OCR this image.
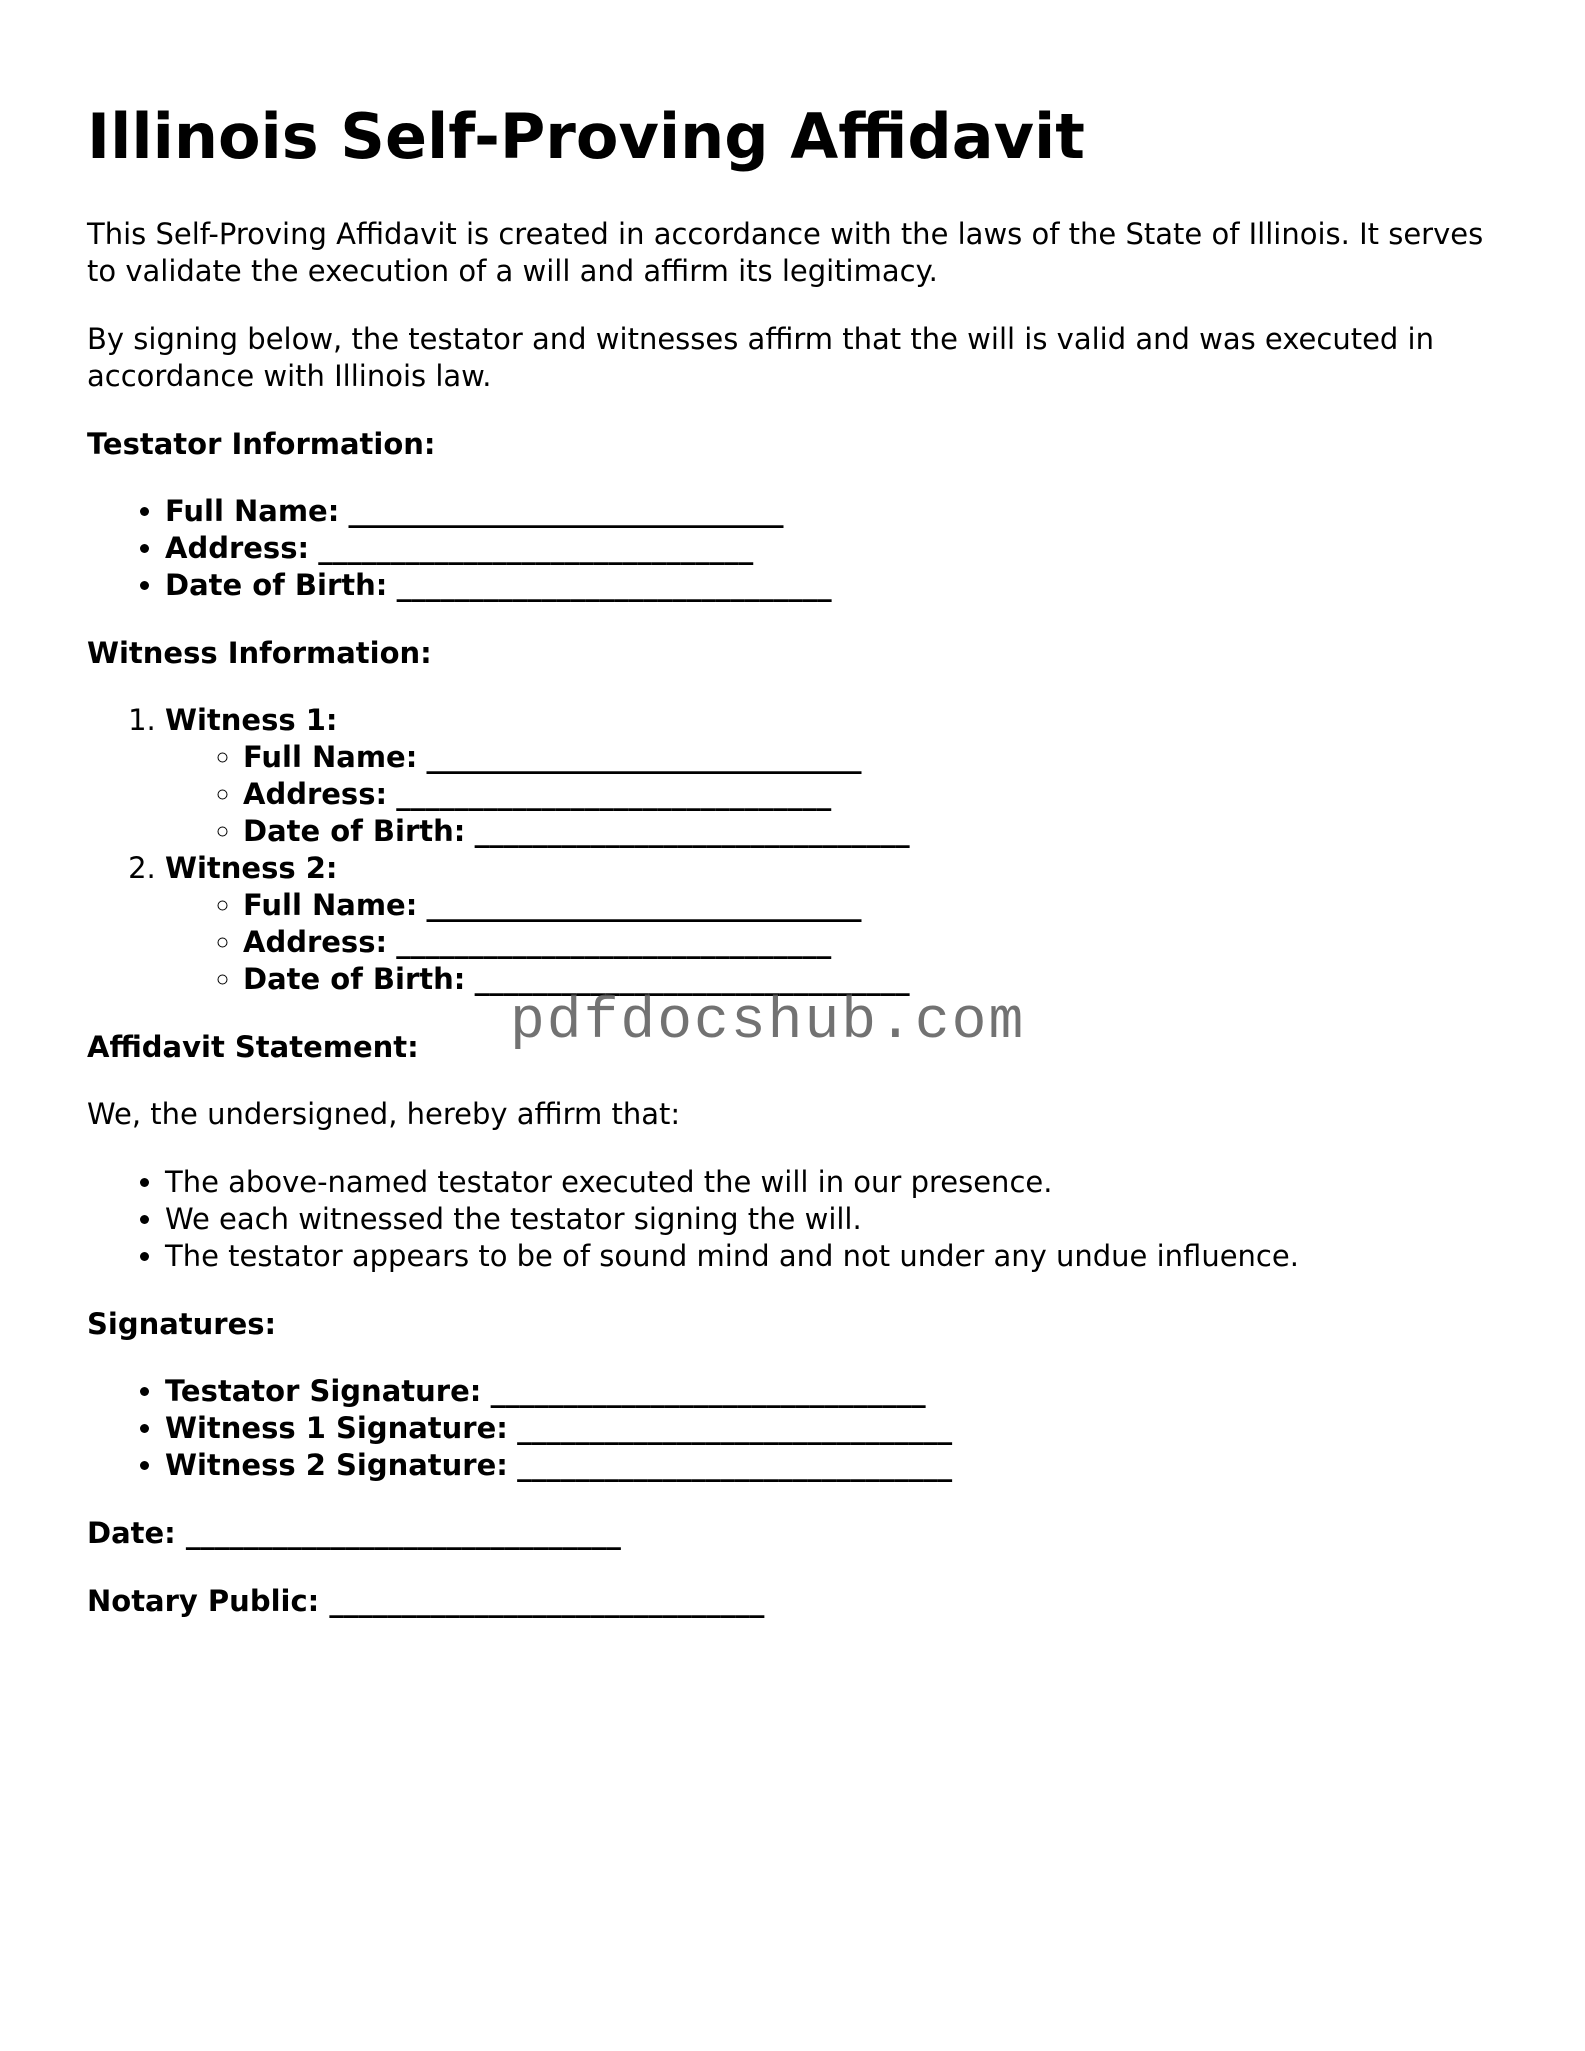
Illinois Self-Proving Affidavit

This Self-Proving Affidavit is created in accordance with the laws of the State of Illinois. It serves to validate the execution of a will and affirm its legitimacy.

By signing below, the testator and witnesses affirm that the will is valid and was executed in accordance with Illinois law.

Testator Information:
• Full Name: ______________________________
• Address: ______________________________
• Date of Birth: ______________________________
Witness Information:
1. Witness 1:
◦ Full Name: ______________________________
◦ Address: ______________________________
◦ Date of Birth: ______________________________
2. Witness 2:
◦ Full Name: ______________________________
◦ Address: ______________________________
◦ Date of Birth: ______________________________
Affidavit Statement:

We, the undersigned, hereby affirm that:

• The above-named testator executed the will in our presence.
• We each witnessed the testator signing the will.
• The testator appears to be of sound mind and not under any undue influence.
Signatures:
• Testator Signature: ______________________________
• Witness 1 Signature: ______________________________
• Witness 2 Signature: ______________________________
Date: ______________________________
Notary Public: ______________________________
pdfdocshub.com
